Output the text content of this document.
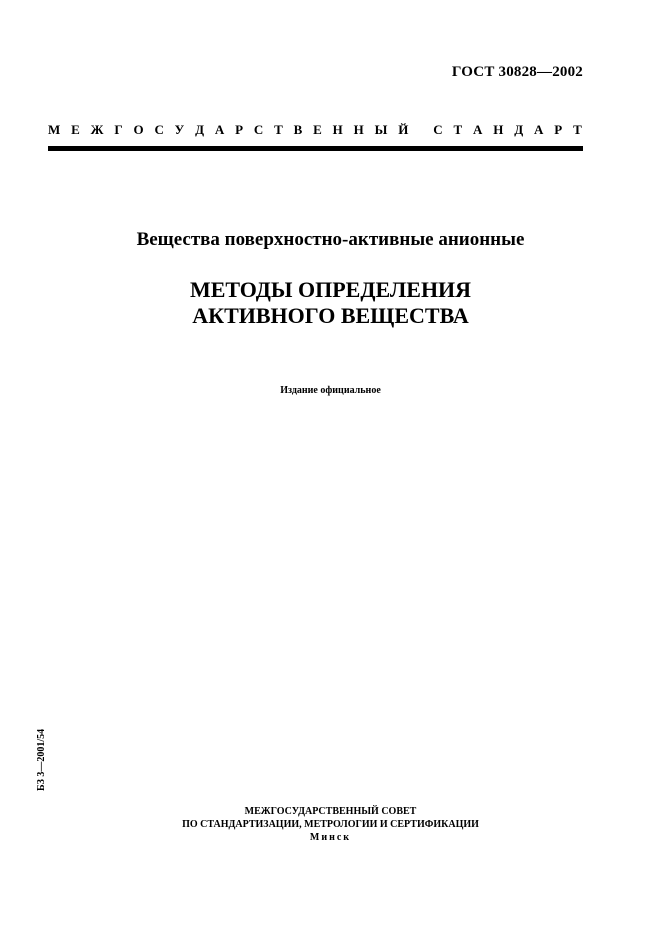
ГОСТ 30828—2002
М Е Ж Г О С У Д А Р С Т В Е Н Н Ы Й
С Т А Н Д А Р Т
Вещества поверхностно-активные анионные
МЕТОДЫ ОПРЕДЕЛЕНИЯ
АКТИВНОГО ВЕЩЕСТВА
Издание официальное
БЗ 3—2001/54
МЕЖГОСУДАРСТВЕННЫЙ СОВЕТ
ПО СТАНДАРТИЗАЦИИ, МЕТРОЛОГИИ И СЕРТИФИКАЦИИ
Минск
